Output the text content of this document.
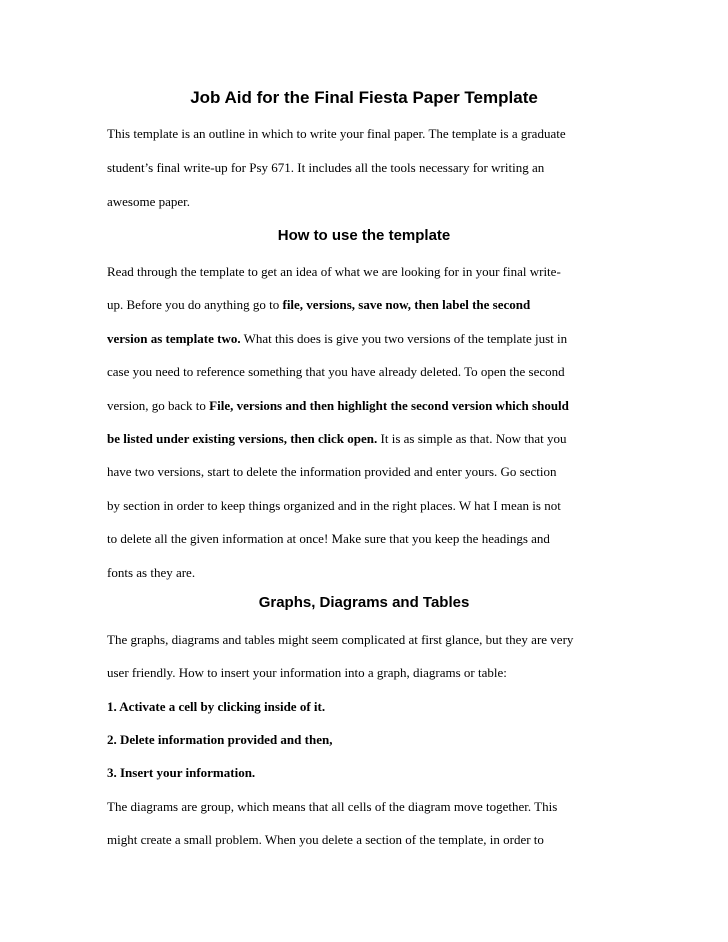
Job Aid for the Final Fiesta Paper Template

This template is an outline in which to write your final paper. The template is a graduate

student’s final write-up for Psy 671. It includes all the tools necessary for writing an

awesome paper.

How to use the template

Read through the template to get an idea of what we are looking for in your final write-

up. Before you do anything go to file, versions, save now, then label the second

version as template two. What this does is give you two versions of the template just in

case you need to reference something that you have already deleted. To open the second

version, go back to File, versions and then highlight the second version which should

be listed under existing versions, then click open. It is as simple as that. Now that you

have two versions, start to delete the information provided and enter yours. Go section

by section in order to keep things organized and in the right places. W hat I mean is not

to delete all the given information at once! Make sure that you keep the headings and

fonts as they are.

Graphs, Diagrams and Tables

The graphs, diagrams and tables might seem complicated at first glance, but they are very

user friendly. How to insert your information into a graph, diagrams or table:

1. Activate a cell by clicking inside of it.

2. Delete information provided and then,

3. Insert your information.

The diagrams are group, which means that all cells of the diagram move together. This

might create a small problem. When you delete a section of the template, in order to
